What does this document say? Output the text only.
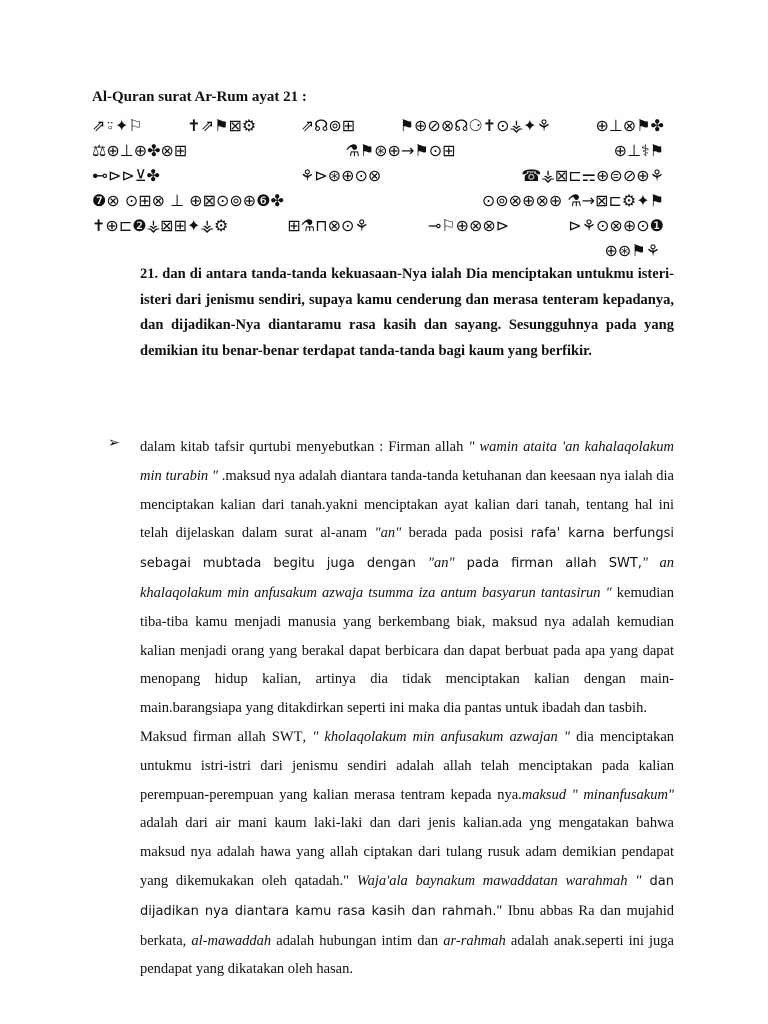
Al-Quran surat Ar-Rum ayat 21 :
⇗⍤✦⚐	✝⇗⚑⊠⚙	⇗☊⊚⊞	⚑⊕⊘⊗☊⚆✝⊙⚶✦⚘	⊕⊥⊗⚑✤
⚖⊕⊥⊕✤⊗⊞	⚗⚑⊛⊕→⚑⊙⊞	⊕⊥⚕⚑
⊷⊳⊳⊻✤	⚘⊳⊛⊕⊙⊗	☎⚶⊠⊏⚎⊕⊜⊘⊕⚘
❼⊗ ⊙⊞⊗ ⊥ ⊕⊠⊙⊚⊕❻✤	⊙⊚⊗⊕⊗⊕ ⚗→⊠⊏⚙✦⚑
✝⊕⊏❷⚶⊠⊞✦⚶⚙	⊞⚗⊓⊗⊙⚘	⊸⚐⊕⊗⊗⊳	⊳⚘⊙⊗⊕⊙❶
⊕⊛⚑⚘

21. dan di antara tanda-tanda kekuasaan-Nya ialah Dia menciptakan untukmu isteri-isteri dari jenismu sendiri, supaya kamu cenderung dan merasa tenteram kepadanya, dan dijadikan-Nya diantaramu rasa kasih dan sayang. Sesungguhnya pada yang demikian itu benar-benar terdapat tanda-tanda bagi kaum yang berfikir.

➢ dalam kitab tafsir qurtubi menyebutkan : Firman allah " wamin ataita 'an kahalaqolakum min turabin " .maksud nya adalah diantara tanda-tanda ketuhanan dan keesaan nya ialah dia menciptakan kalian dari tanah.yakni menciptakan ayat kalian dari tanah, tentang hal ini telah dijelaskan dalam surat al-anam "an" berada pada posisi rafa' karna berfungsi sebagai mubtada begitu juga dengan "an" pada firman allah SWT," an khalaqolakum min anfusakum azwaja tsumma iza antum basyarun tantasirun " kemudian tiba-tiba kamu menjadi manusia yang berkembang biak, maksud nya adalah kemudian kalian menjadi orang yang berakal dapat berbicara dan dapat berbuat pada apa yang dapat menopang hidup kalian, artinya dia tidak menciptakan kalian dengan main-main.barangsiapa yang ditakdirkan seperti ini maka dia pantas untuk ibadah dan tasbih.

Maksud firman allah SWT, " kholaqolakum min anfusakum azwajan " dia menciptakan untukmu istri-istri dari jenismu sendiri adalah allah telah menciptakan pada kalian perempuan-perempuan yang kalian merasa tentram kepada nya.maksud " minanfusakum" adalah dari air mani kaum laki-laki dan dari jenis kalian.ada yng mengatakan bahwa maksud nya adalah hawa yang allah ciptakan dari tulang rusuk adam demikian pendapat yang dikemukakan oleh qatadah." Waja'ala baynakum mawaddatan warahmah " dan dijadikan nya diantara kamu rasa kasih dan rahmah." Ibnu abbas Ra dan mujahid berkata, al-mawaddah adalah hubungan intim dan ar-rahmah adalah anak.seperti ini juga pendapat yang dikatakan oleh hasan.
